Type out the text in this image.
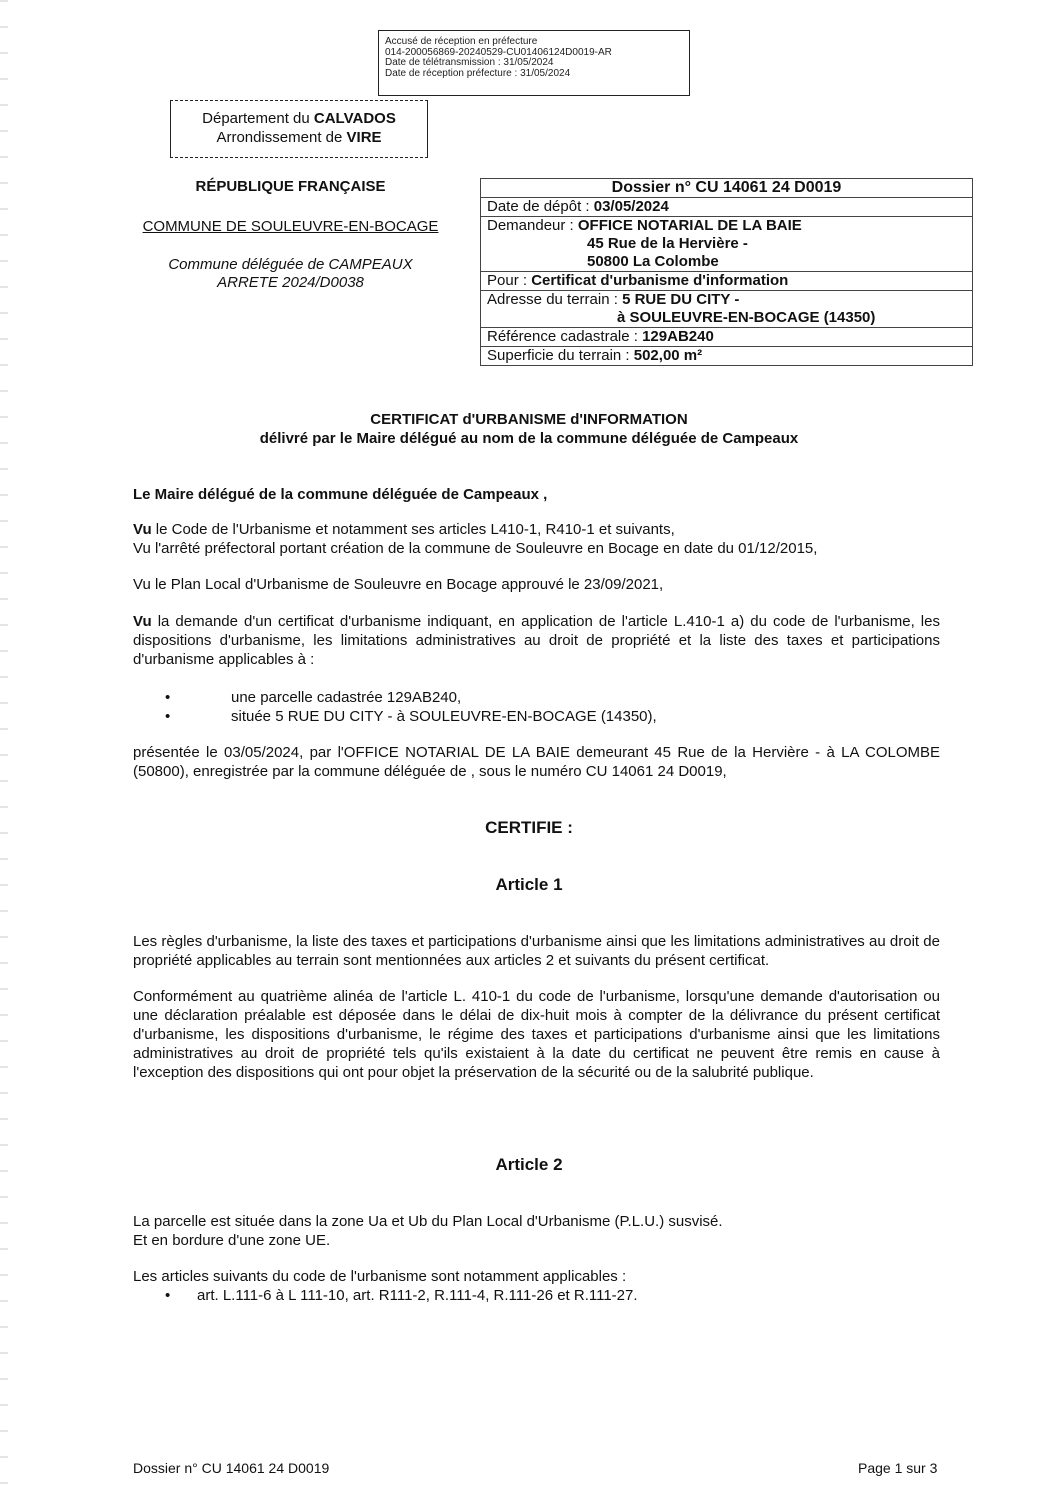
Accusé de réception en préfecture
014-200056869-20240529-CU01406124D0019-AR
Date de télétransmission : 31/05/2024
Date de réception préfecture : 31/05/2024
Département du CALVADOS
Arrondissement de VIRE
RÉPUBLIQUE FRANÇAISE
COMMUNE DE SOULEUVRE-EN-BOCAGE
Commune déléguée de CAMPEAUX
ARRETE 2024/D0038
Dossier n° CU 14061 24 D0019
Date de dépôt : 03/05/2024

Demandeur : OFFICE NOTARIAL DE LA BAIE
45 Rue de la Hervière -
50800 La Colombe

Pour : Certificat d'urbanisme d'information

Adresse du terrain : 5 RUE DU CITY -
à SOULEUVRE-EN-BOCAGE (14350)

Référence cadastrale : 129AB240
Superficie du terrain : 502,00 m²
CERTIFICAT d'URBANISME d'INFORMATION
délivré par le Maire délégué au nom de la commune déléguée de Campeaux
Le Maire délégué de la commune déléguée de Campeaux ,
Vu le Code de l'Urbanisme et notamment ses articles L410-1, R410-1 et suivants,
Vu l'arrêté préfectoral portant création de la commune de Souleuvre en Bocage en date du 01/12/2015,
Vu le Plan Local d'Urbanisme de Souleuvre en Bocage approuvé le 23/09/2021,
Vu la demande d'un certificat d'urbanisme indiquant, en application de l'article L.410-1 a) du code de l'urbanisme, les dispositions d'urbanisme, les limitations administratives au droit de propriété et la liste des taxes et participations d'urbanisme applicables à :
•	une parcelle cadastrée 129AB240,
•	située 5 RUE DU CITY - à SOULEUVRE-EN-BOCAGE (14350),
présentée le 03/05/2024, par l'OFFICE NOTARIAL DE LA BAIE demeurant 45 Rue de la Hervière - à LA COLOMBE (50800), enregistrée par la commune déléguée de , sous le numéro CU 14061 24 D0019,
CERTIFIE :
Article 1
Les règles d'urbanisme, la liste des taxes et participations d'urbanisme ainsi que les limitations administratives au droit de propriété applicables au terrain sont mentionnées aux articles 2 et suivants du présent certificat.
Conformément au quatrième alinéa de l'article L. 410-1 du code de l'urbanisme, lorsqu'une demande d'autorisation ou une déclaration préalable est déposée dans le délai de dix-huit mois à compter de la délivrance du présent certificat d'urbanisme, les dispositions d'urbanisme, le régime des taxes et participations d'urbanisme ainsi que les limitations administratives au droit de propriété tels qu'ils existaient à la date du certificat ne peuvent être remis en cause à l'exception des dispositions qui ont pour objet la préservation de la sécurité ou de la salubrité publique.
Article 2
La parcelle est située dans la zone Ua et Ub du Plan Local d'Urbanisme (P.L.U.) susvisé.
Et en bordure d'une zone UE.
Les articles suivants du code de l'urbanisme sont notamment applicables :
• art. L.111-6 à L 111-10, art. R111-2, R.111-4, R.111-26 et R.111-27.
Dossier n° CU 14061 24 D0019	Page 1 sur 3
